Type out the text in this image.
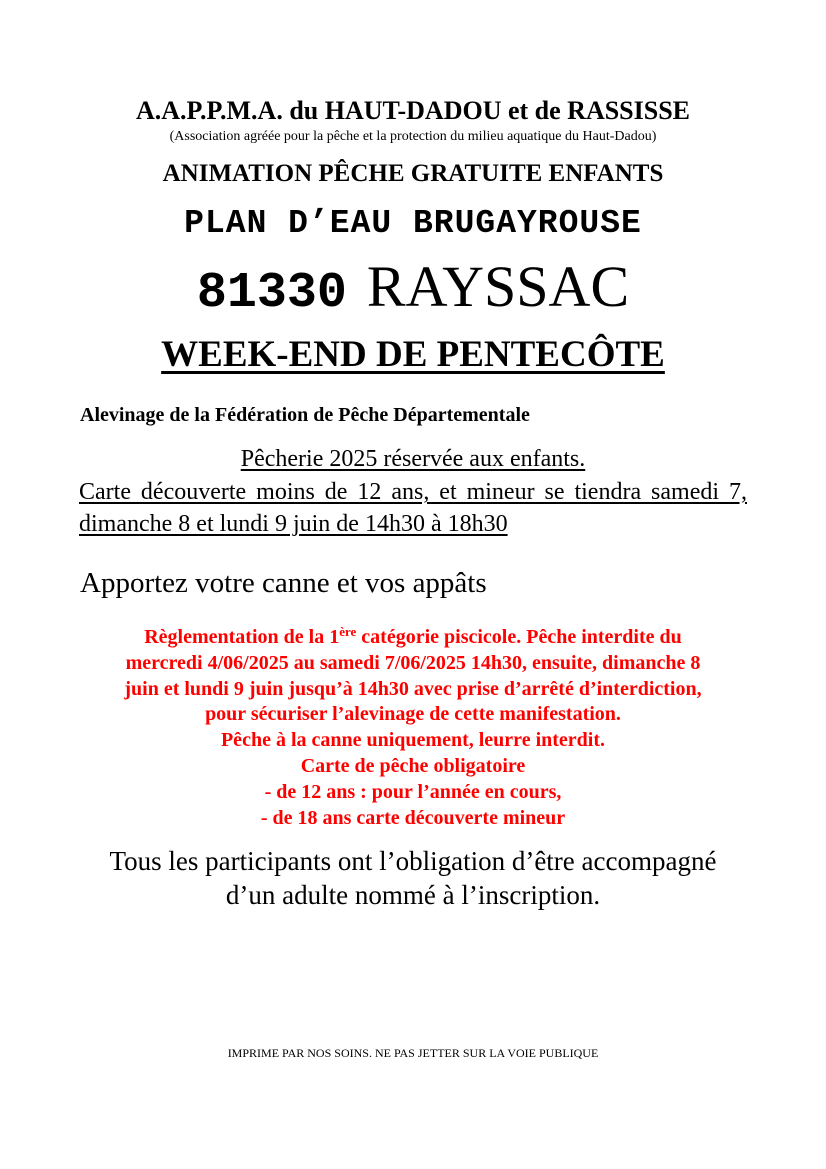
A.A.P.P.M.A. du HAUT-DADOU et de RASSISSE
(Association agréée pour la pêche et la protection du milieu aquatique du Haut-Dadou)
ANIMATION PÊCHE GRATUITE ENFANTS
PLAN D’EAU BRUGAYROUSE
81330 RAYSSAC
WEEK-END DE PENTECÔTE
Alevinage de la Fédération de Pêche Départementale
Pêcherie 2025 réservée aux enfants.
Carte découverte moins de 12 ans, et mineur se tiendra samedi 7, dimanche 8 et lundi 9 juin de 14h30 à 18h30
Apportez votre canne et vos appâts
Règlementation de la 1ère catégorie piscicole. Pêche interdite du
mercredi 4/06/2025 au samedi 7/06/2025 14h30, ensuite, dimanche 8
juin et lundi 9 juin jusqu’à 14h30 avec prise d’arrêté d’interdiction,
pour sécuriser l’alevinage de cette manifestation.
Pêche à la canne uniquement, leurre interdit.
Carte de pêche obligatoire
- de 12 ans : pour l’année en cours,
- de 18 ans carte découverte mineur
Tous les participants ont l’obligation d’être accompagné
d’un adulte nommé à l’inscription.
IMPRIME PAR NOS SOINS. NE PAS JETTER SUR LA VOIE PUBLIQUE
